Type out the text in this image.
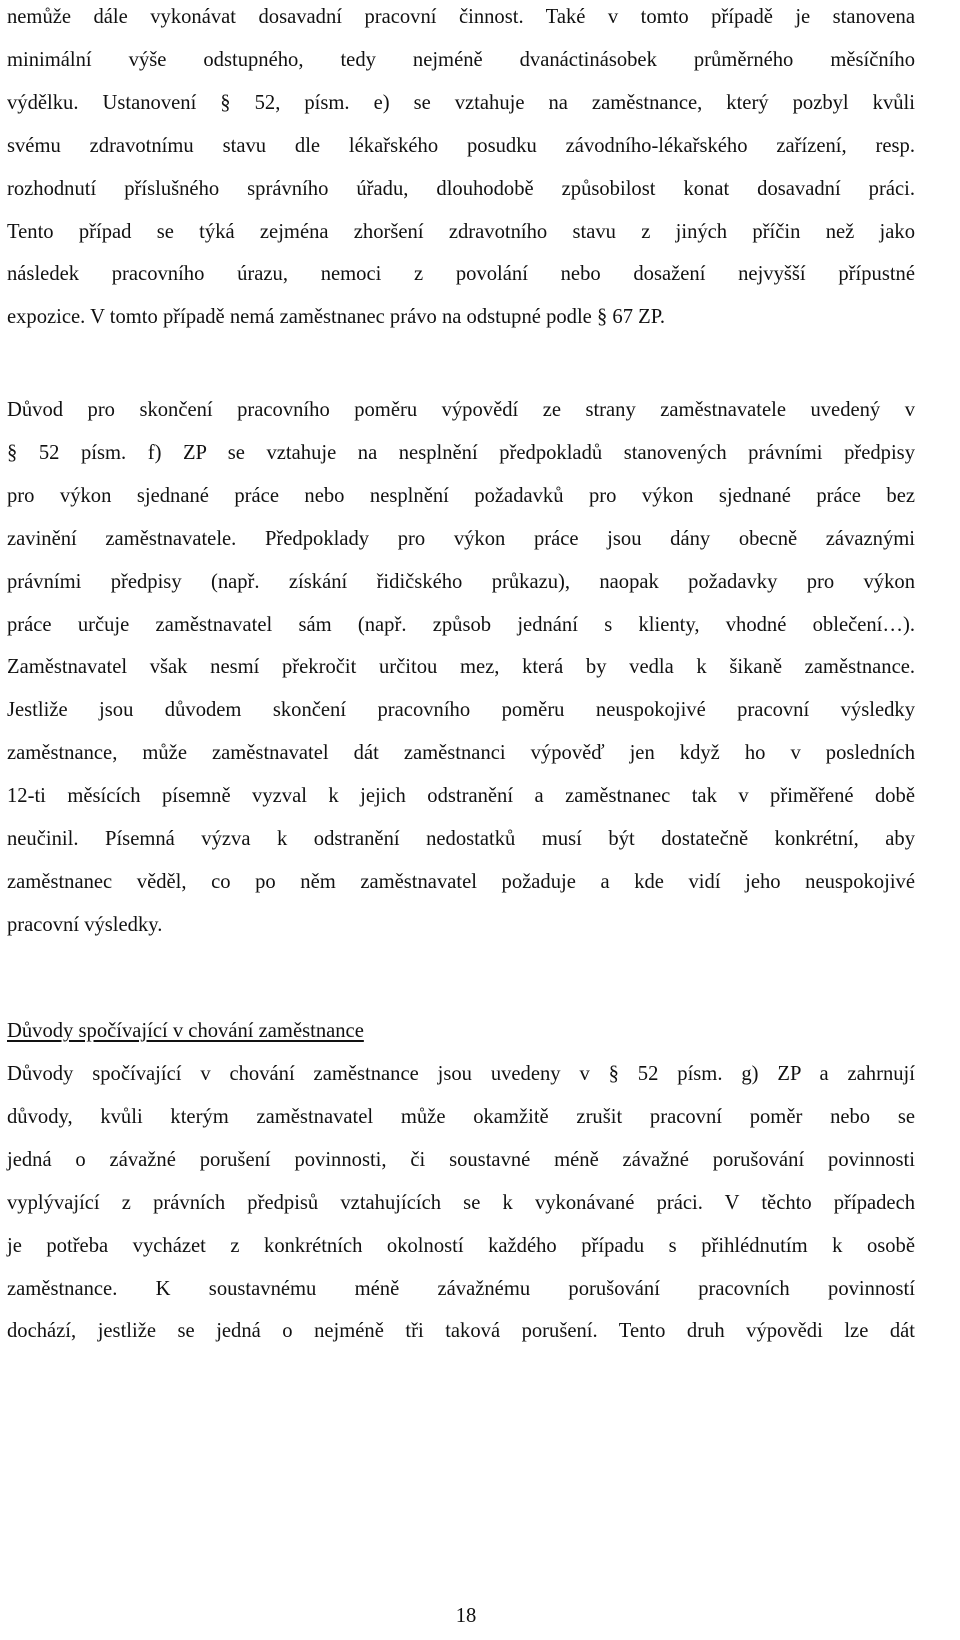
nemůže dále vykonávat dosavadní pracovní činnost. Také v tomto případě je stanovena
minimální výše odstupného, tedy nejméně dvanáctinásobek průměrného měsíčního
výdělku. Ustanovení § 52, písm. e) se vztahuje na zaměstnance, který pozbyl kvůli
svému zdravotnímu stavu dle lékařského posudku závodního-lékařského zařízení, resp.
rozhodnutí příslušného správního úřadu, dlouhodobě způsobilost konat dosavadní práci.
Tento případ se týká zejména zhoršení zdravotního stavu z jiných příčin než jako
následek pracovního úrazu, nemoci z povolání nebo dosažení nejvyšší přípustné
expozice. V tomto případě nemá zaměstnanec právo na odstupné podle § 67 ZP.

Důvod pro skončení pracovního poměru výpovědí ze strany zaměstnavatele uvedený v
§ 52 písm. f) ZP se vztahuje na nesplnění předpokladů stanovených právními předpisy
pro výkon sjednané práce nebo nesplnění požadavků pro výkon sjednané práce bez
zavinění zaměstnavatele. Předpoklady pro výkon práce jsou dány obecně závaznými
právními předpisy (např. získání řidičského průkazu), naopak požadavky pro výkon
práce určuje zaměstnavatel sám (např. způsob jednání s klienty, vhodné oblečení…).
Zaměstnavatel však nesmí překročit určitou mez, která by vedla k šikaně zaměstnance.
Jestliže jsou důvodem skončení pracovního poměru neuspokojivé pracovní výsledky
zaměstnance, může zaměstnavatel dát zaměstnanci výpověď jen když ho v posledních
12-ti měsících písemně vyzval k jejich odstranění a zaměstnanec tak v přiměřené době
neučinil. Písemná výzva k odstranění nedostatků musí být dostatečně konkrétní, aby
zaměstnanec věděl, co po něm zaměstnavatel požaduje a kde vidí jeho neuspokojivé
pracovní výsledky.

Důvody spočívající v chování zaměstnance

Důvody spočívající v chování zaměstnance jsou uvedeny v § 52 písm. g) ZP a zahrnují
důvody, kvůli kterým zaměstnavatel může okamžitě zrušit pracovní poměr nebo se
jedná o závažné porušení povinnosti, či soustavné méně závažné porušování povinnosti
vyplývající z právních předpisů vztahujících se k vykonávané práci. V těchto případech
je potřeba vycházet z konkrétních okolností každého případu s přihlédnutím k osobě
zaměstnance. K soustavnému méně závažnému porušování pracovních povinností
dochází, jestliže se jedná o nejméně tři taková porušení. Tento druh výpovědi lze dát

18
